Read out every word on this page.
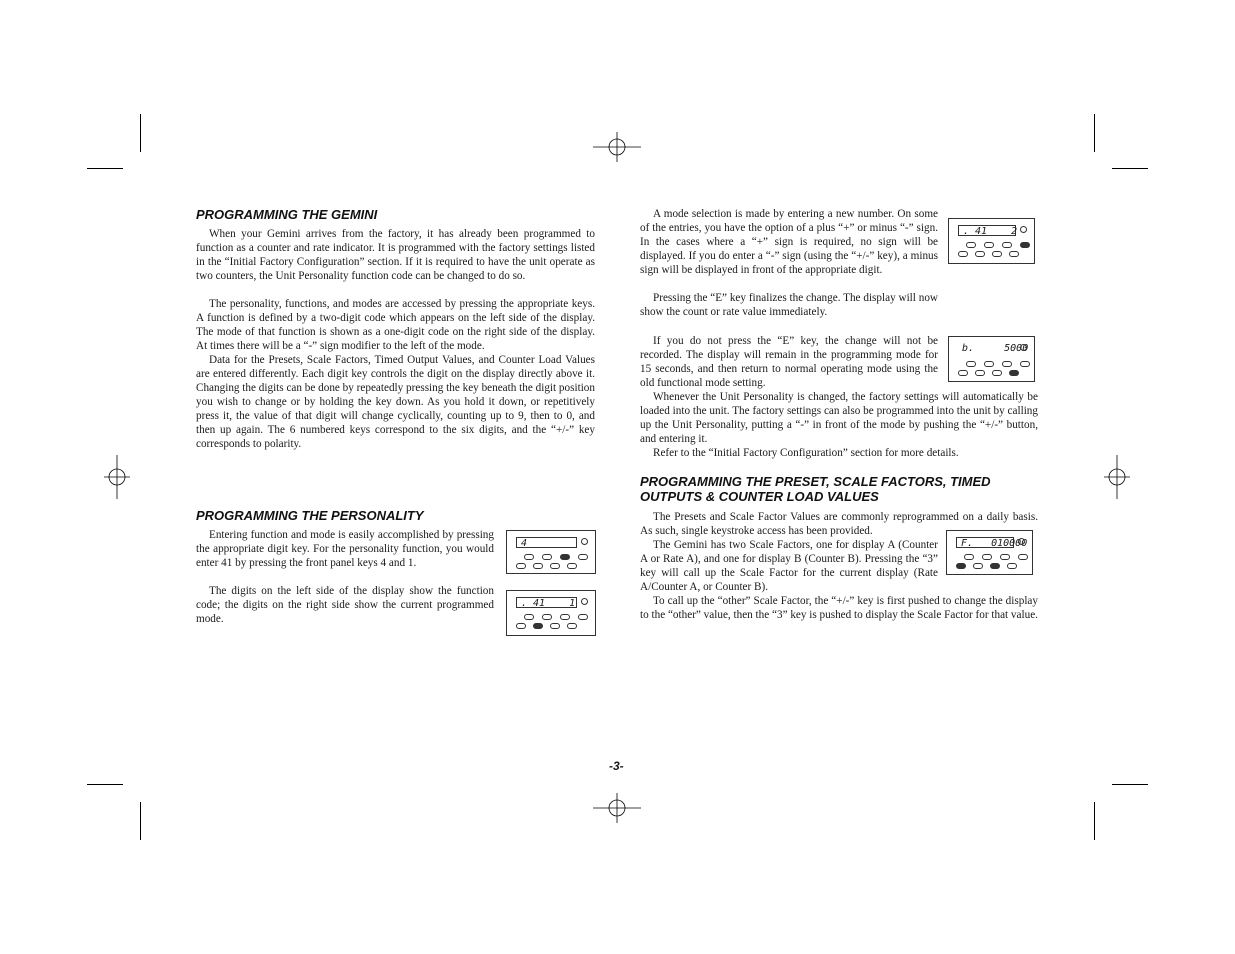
PROGRAMMING THE GEMINI

When your Gemini arrives from the factory, it has already been programmed to function as a counter and rate indicator. It is programmed with the factory settings listed in the “Initial Factory Configuration” section. If it is required to have the unit operate as two counters, the Unit Personality function code can be changed to do so.

The personality, functions, and modes are accessed by pressing the appropriate keys. A function is defined by a two-digit code which appears on the left side of the display. The mode of that function is shown as a one-digit code on the right side of the display. At times there will be a “-” sign modifier to the left of the mode.

Data for the Presets, Scale Factors, Timed Output Values, and Counter Load Values are entered differently. Each digit key controls the digit on the display directly above it. Changing the digits can be done by repeatedly pressing the key beneath the digit position you wish to change or by holding the key down. As you hold it down, or repetitively press it, the value of that digit will change cyclically, counting up to 9, then to 0, and then up again. The 6 numbered keys correspond to the six digits, and the “+/-” key corresponds to polarity.

PROGRAMMING THE PERSONALITY

Entering function and mode is easily accomplished by pressing the appropriate digit key. For the personality function, you would enter 41 by pressing the front panel keys 4 and 1.

The digits on the left side of the display show the function code; the digits on the right side show the current programmed mode.

4
. 41    1

A mode selection is made by entering a new number. On some of the entries, you have the option of a plus “+” or minus “-” sign. In the cases where a “+” sign is required, no sign will be displayed. If you do enter a “-” sign (using the “+/-” key), a minus sign will be displayed in front of the appropriate digit.

Pressing the “E” key finalizes the change. The display will now show the count or rate value immediately.

If you do not press the “E” key, the change will not be recorded. The display will remain in the programming mode for 15 seconds, and then return to normal operating mode using the old functional mode setting.

Whenever the Unit Personality is changed, the factory settings will automatically be loaded into the unit. The factory settings can also be programmed into the unit by calling up the Unit Personality, putting a “-” in front of the mode by pushing the “+/-” button, and entering it.

Refer to the “Initial Factory Configuration” section for more details.

PROGRAMMING THE PRESET, SCALE FACTORS, TIMED OUTPUTS & COUNTER LOAD VALUES

The Presets and Scale Factor Values are commonly reprogrammed on a daily basis. As such, single keystroke access has been provided.

The Gemini has two Scale Factors, one for display A (Counter A or Rate A), and one for display B (Counter B). Pressing the “3” key will call up the Scale Factor for the current display (Rate A/Counter A, or Counter B).

To call up the “other” Scale Factor, the “+/-” key is first pushed to change the display to the “other” value, then the “3” key is pushed to display the Scale Factor for that value.

. 41    2
b.     5000
F.   010000
-3-
